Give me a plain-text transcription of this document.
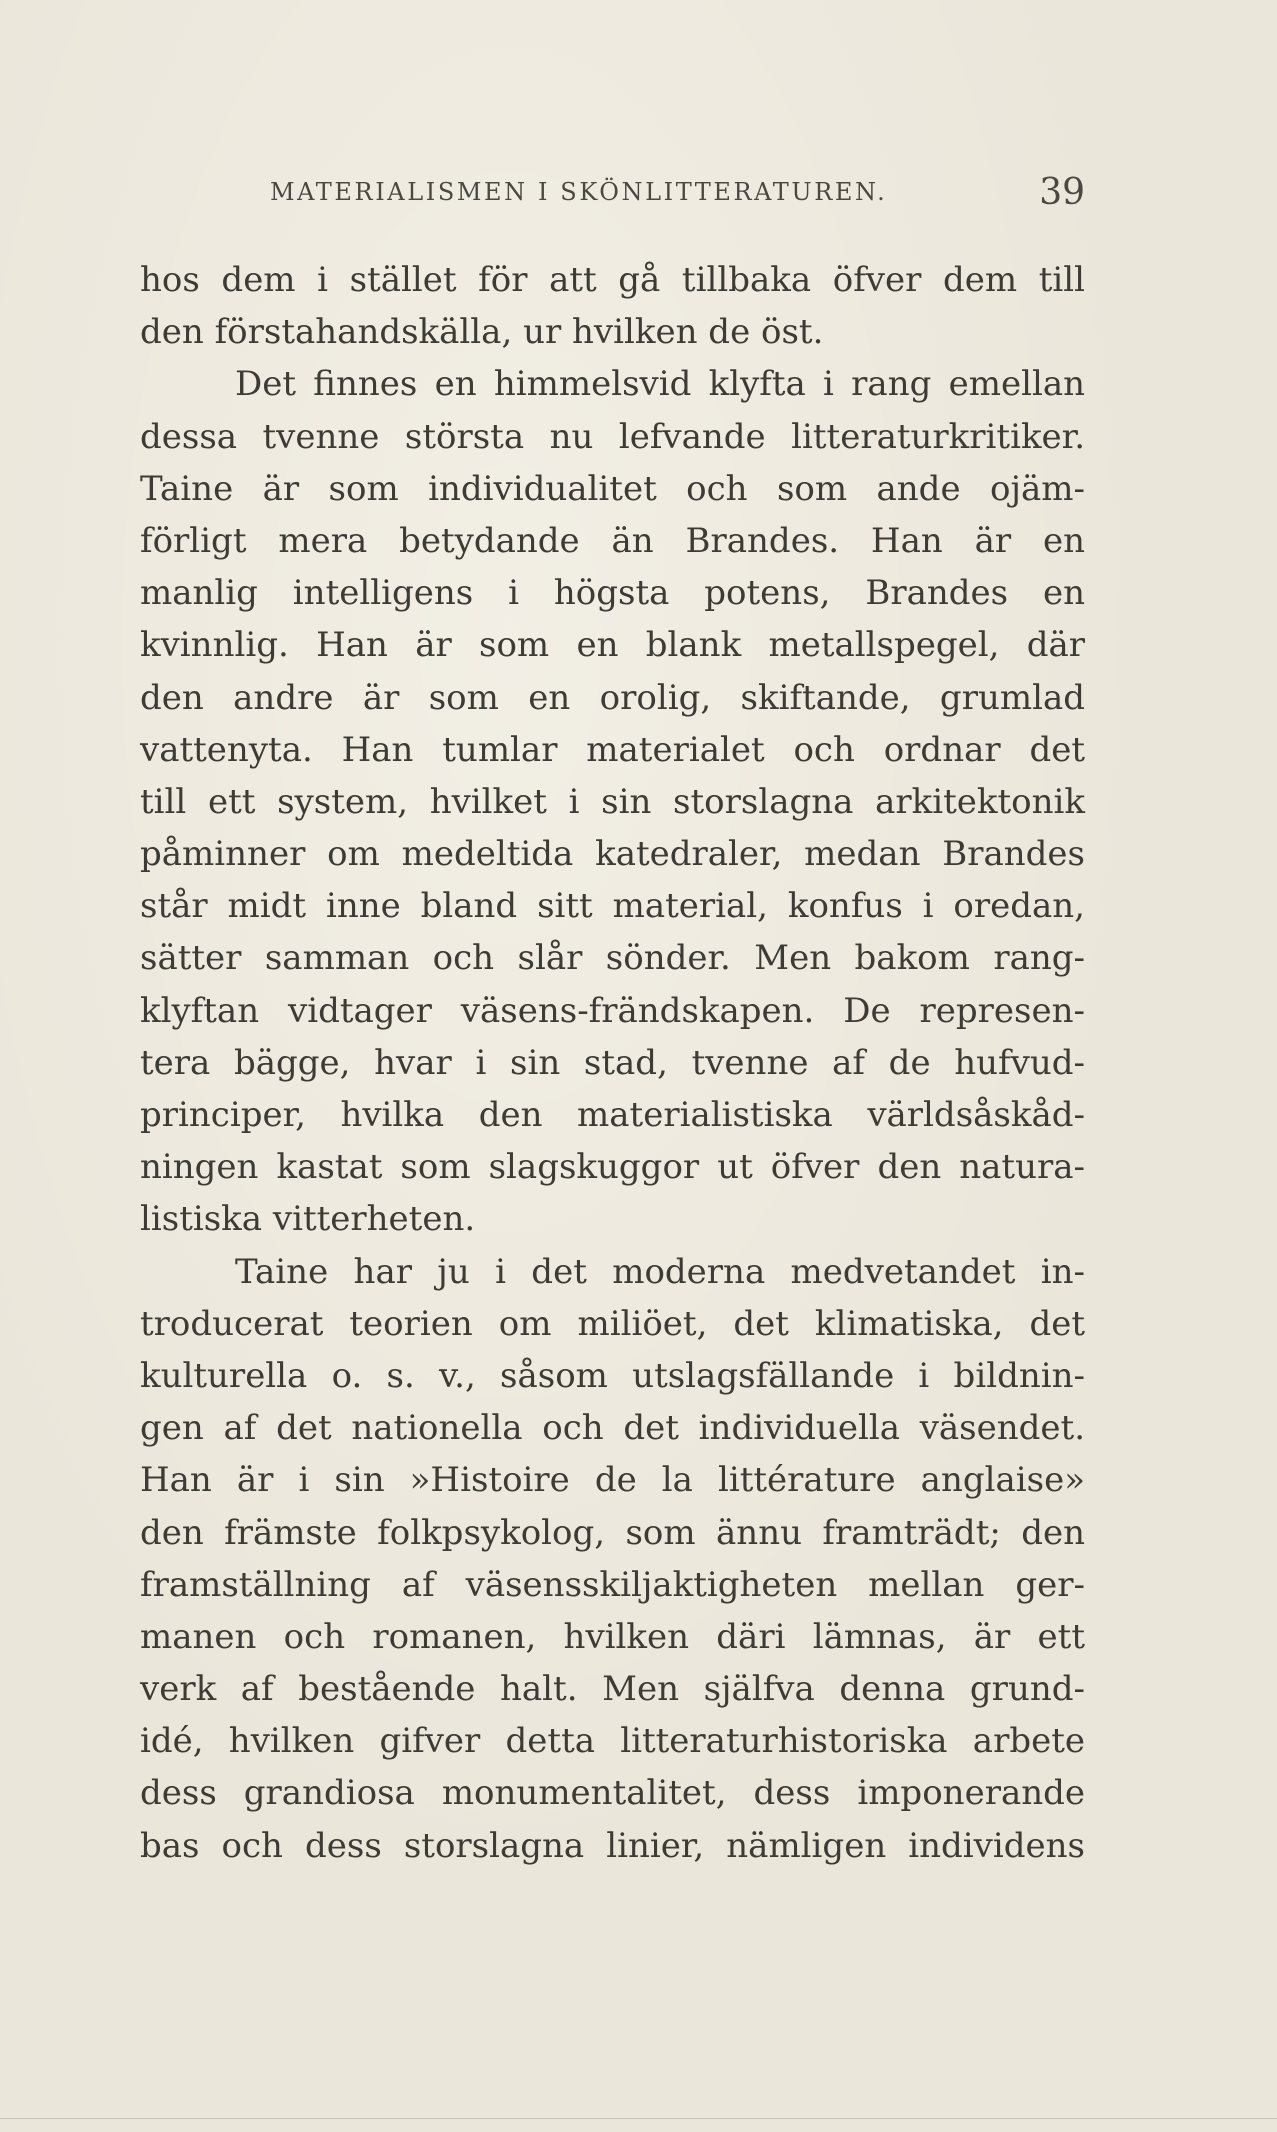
MATERIALISMEN I SKÖNLITTERATUREN.	39
hos dem i stället för att gå tillbaka öfver dem till
den förstahandskälla, ur hvilken de öst.
Det finnes en himmelsvid klyfta i rang emellan
dessa tvenne största nu lefvande litteraturkritiker.
Taine är som individualitet och som ande ojäm-
förligt mera betydande än Brandes. Han är en
manlig intelligens i högsta potens, Brandes en
kvinnlig. Han är som en blank metallspegel, där
den andre är som en orolig, skiftande, grumlad
vattenyta. Han tumlar materialet och ordnar det
till ett system, hvilket i sin storslagna arkitektonik
påminner om medeltida katedraler, medan Brandes
står midt inne bland sitt material, konfus i oredan,
sätter samman och slår sönder. Men bakom rang-
klyftan vidtager väsens-frändskapen. De represen-
tera bägge, hvar i sin stad, tvenne af de hufvud-
principer, hvilka den materialistiska världsåskåd-
ningen kastat som slagskuggor ut öfver den natura-
listiska vitterheten.
Taine har ju i det moderna medvetandet in-
troducerat teorien om miliöet, det klimatiska, det
kulturella o. s. v., såsom utslagsfällande i bildnin-
gen af det nationella och det individuella väsendet.
Han är i sin »Histoire de la littérature anglaise»
den främste folkpsykolog, som ännu framträdt; den
framställning af väsensskiljaktigheten mellan ger-
manen och romanen, hvilken däri lämnas, är ett
verk af bestående halt. Men själfva denna grund-
idé, hvilken gifver detta litteraturhistoriska arbete
dess grandiosa monumentalitet, dess imponerande
bas och dess storslagna linier, nämligen individens
